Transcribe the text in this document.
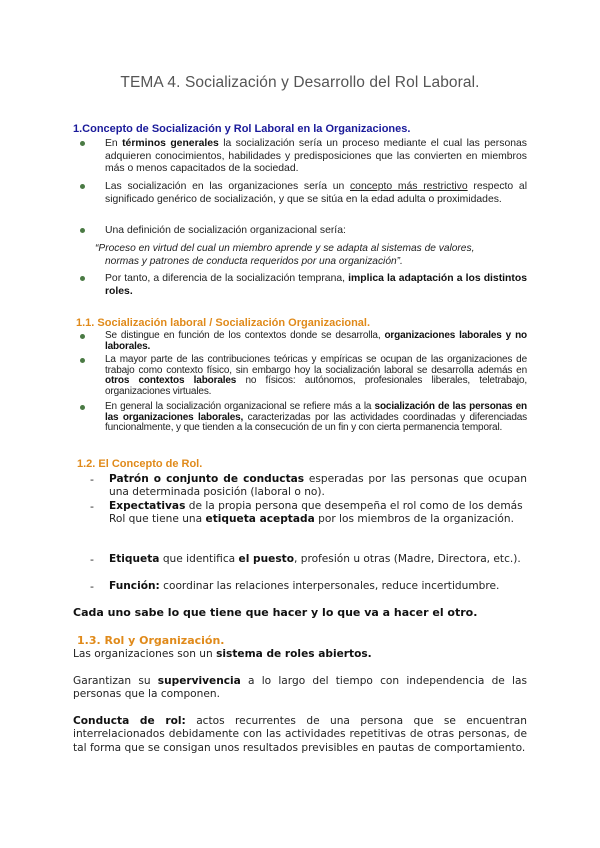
TEMA 4. Socialización y Desarrollo del Rol Laboral.
1.Concepto de Socialización y Rol Laboral en la Organizaciones.
En términos generales la socialización sería un proceso mediante el cual las personas adquieren conocimientos, habilidades y predisposiciones que las convierten en miembros más o menos capacitados de la sociedad.
Las socialización en las organizaciones sería un concepto más restrictivo respecto al significado genérico de socialización, y que se sitúa en la edad adulta o proximidades.
Una definición de socialización organizacional sería:
“Proceso en virtud del cual un miembro aprende y se adapta al sistemas de valores,
normas y patrones de conducta requeridos por una organización”.
Por tanto, a diferencia de la socialización temprana, implica la adaptación a los distintos roles.
1.1. Socialización laboral / Socialización Organizacional.
Se distingue en función de los contextos donde se desarrolla, organizaciones laborales y no laborales.
La mayor parte de las contribuciones teóricas y empíricas se ocupan de las organizaciones de trabajo como contexto físico, sin embargo hoy la socialización laboral se desarrolla además en otros contextos laborales no físicos: autónomos, profesionales liberales, teletrabajo, organizaciones virtuales.
En general la socialización organizacional se refiere más a la socialización de las personas en las organizaciones laborales, caracterizadas por las actividades coordinadas y diferenciadas funcionalmente, y que tienden a la consecución de un fin y con cierta permanencia temporal.
1.2. El Concepto de Rol.
- Patrón o conjunto de conductas esperadas por las personas que ocupan una determinada posición (laboral o no).
- Expectativas de la propia persona que desempeña el rol como de los demás
Rol que tiene una etiqueta aceptada por los miembros de la organización.
- Etiqueta que identifica el puesto, profesión u otras (Madre, Directora, etc.).
- Función: coordinar las relaciones interpersonales, reduce incertidumbre.
Cada uno sabe lo que tiene que hacer y lo que va a hacer el otro.
1.3. Rol y Organización.
Las organizaciones son un sistema de roles abiertos.
Garantizan su supervivencia a lo largo del tiempo con independencia de las personas que la componen.
Conducta de rol: actos recurrentes de una persona que se encuentran interrelacionados debidamente con las actividades repetitivas de otras personas, de tal forma que se consigan unos resultados previsibles en pautas de comportamiento.
